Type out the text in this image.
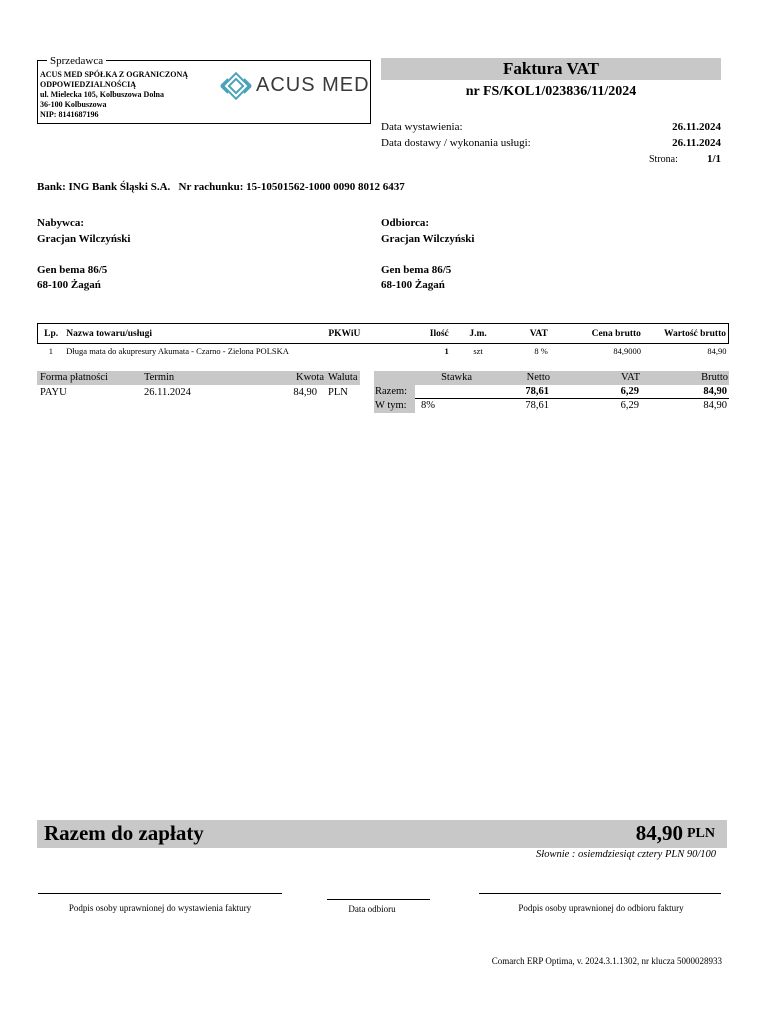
Sprzedawca
ACUS MED SPÓŁKA Z OGRANICZONĄ
ODPOWIEDZIALNOŚCIĄ
ul. Mielecka 105, Kolbuszowa Dolna
36-100 Kolbuszowa
NIP: 8141687196
ACUS MED
Faktura VAT
nr FS/KOL1/023836/11/2024
Data wystawienia:	26.11.2024
Data dostawy / wykonania usługi:	26.11.2024
Strona:	1/1
Bank: ING Bank Śląski S.A.   Nr rachunku: 15-10501562-1000 0090 8012 6437
Nabywca:
Gracjan Wilczyński
Gen bema 86/5
68-100 Żagań
Odbiorca:
Gracjan Wilczyński
Gen bema 86/5
68-100 Żagań
Lp.	Nazwa towaru/usługi	PKWiU	Ilość	J.m.	VAT	Cena brutto	Wartość brutto
1	Długa mata do akupresury Akumata - Czarno - Zielona POLSKA		1	szt	8 %	84,9000	84,90
Forma płatności	Termin	Kwota Waluta
PAYU	26.11.2024	84,90 PLN
Stawka	Netto	VAT	Brutto
Razem:	78,61	6,29	84,90
W tym: 8%	78,61	6,29	84,90
Razem do zapłaty	84,90 PLN
Słownie : osiemdziesiąt cztery PLN 90/100
Podpis osoby uprawnionej do wystawienia faktury	Data odbioru	Podpis osoby uprawnionej do odbioru faktury
Comarch ERP Optima, v. 2024.3.1.1302, nr klucza 5000028933
